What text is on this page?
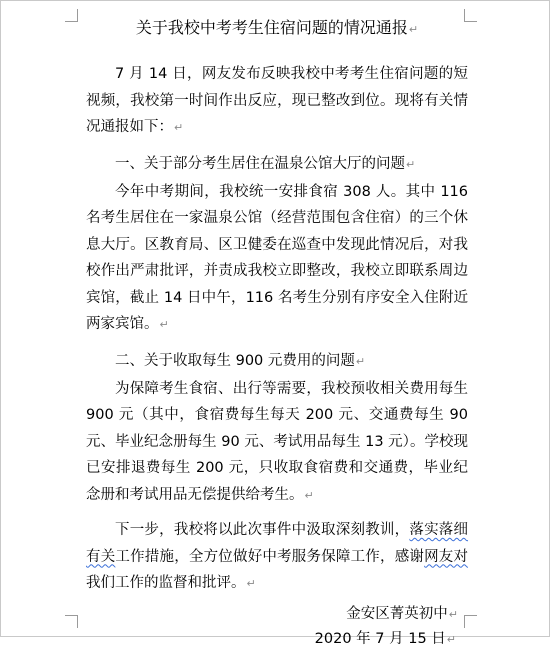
关于我校中考考生住宿问题的情况通报↵

7 月 14 日，网友发布反映我校中考考生住宿问题的短视频，我校第一时间作出反应，现已整改到位。现将有关情况通报如下：↵

一、关于部分考生居住在温泉公馆大厅的问题↵

今年中考期间，我校统一安排食宿 308 人。其中 116 名考生居住在一家温泉公馆（经营范围包含住宿）的三个休息大厅。区教育局、区卫健委在巡查中发现此情况后，对我校作出严肃批评，并责成我校立即整改，我校立即联系周边宾馆，截止 14 日中午，116 名考生分别有序安全入住附近两家宾馆。↵

二、关于收取每生 900 元费用的问题↵

为保障考生食宿、出行等需要，我校预收相关费用每生 900 元（其中，食宿费每生每天 200 元、交通费每生 90 元、毕业纪念册每生 90 元、考试用品每生 13 元）。学校现已安排退费每生 200 元，只收取食宿费和交通费，毕业纪念册和考试用品无偿提供给考生。↵

下一步，我校将以此次事件中汲取深刻教训，落实落细有关工作措施，全方位做好中考服务保障工作，感谢网友对我们工作的监督和批评。↵

金安区菁英初中↵
2020 年 7 月 15 日↵
